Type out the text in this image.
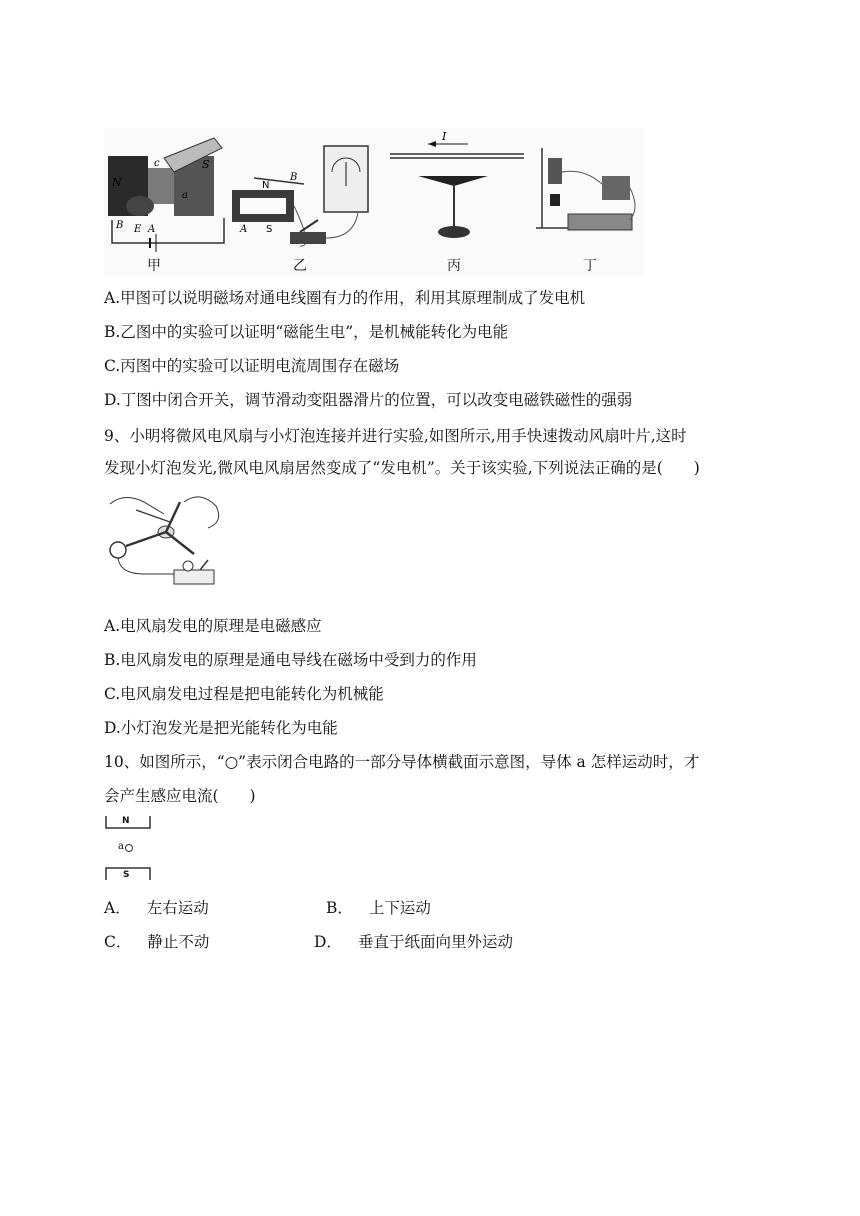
N
S
c
a
B E A
N
S
A
B
I
甲	乙	丙	丁
A.甲图可以说明磁场对通电线圈有力的作用，利用其原理制成了发电机
B.乙图中的实验可以证明“磁能生电”，是机械能转化为电能
C.丙图中的实验可以证明电流周围存在磁场
D.丁图中闭合开关，调节滑动变阻器滑片的位置，可以改变电磁铁磁性的强弱
9、小明将微风电风扇与小灯泡连接并进行实验,如图所示,用手快速拨动风扇叶片,这时
发现小灯泡发光,微风电风扇居然变成了“发电机”。关于该实验,下列说法正确的是(　　)
A.电风扇发电的原理是电磁感应
B.电风扇发电的原理是通电导线在磁场中受到力的作用
C.电风扇发电过程是把电能转化为机械能
D.小灯泡发光是把光能转化为电能
10、如图所示，“○”表示闭合电路的一部分导体横截面示意图，导体 a 怎样运动时，才
会产生感应电流(　　)
N
S
a
A． 左右运动	B． 上下运动
C． 静止不动	D． 垂直于纸面向里外运动
